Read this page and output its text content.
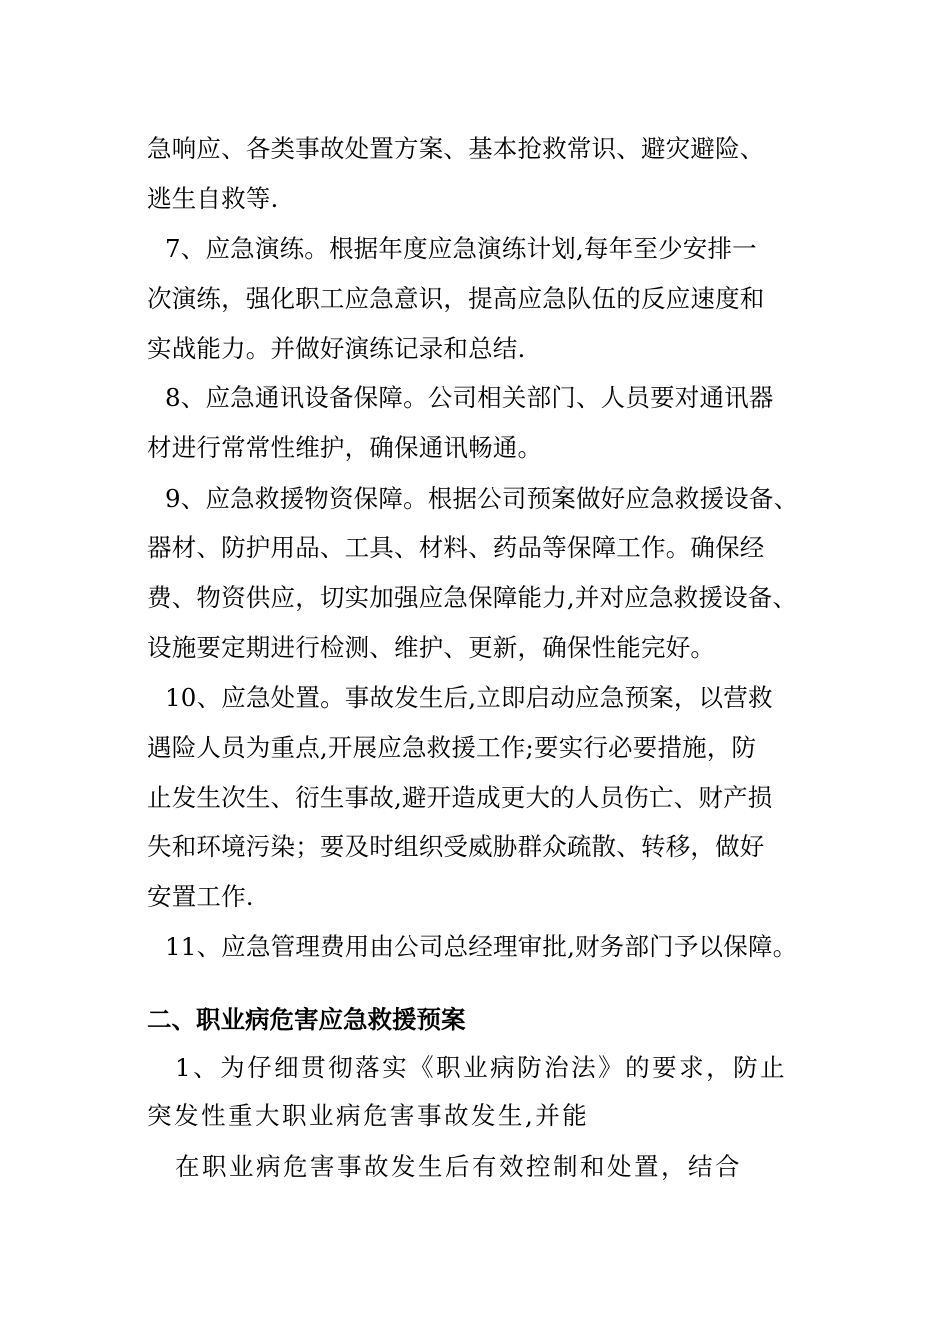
急响应、各类事故处置方案、基本抢救常识、避灾避险、
逃生自救等.
7、应急演练。根据年度应急演练计划,每年至少安排一
次演练，强化职工应急意识，提高应急队伍的反应速度和
实战能力。并做好演练记录和总结.
8、应急通讯设备保障。公司相关部门、人员要对通讯器
材进行常常性维护，确保通讯畅通。
9、应急救援物资保障。根据公司预案做好应急救援设备、
器材、防护用品、工具、材料、药品等保障工作。确保经
费、物资供应，切实加强应急保障能力,并对应急救援设备、
设施要定期进行检测、维护、更新，确保性能完好。
10、应急处置。事故发生后,立即启动应急预案，以营救
遇险人员为重点,开展应急救援工作;要实行必要措施，防
止发生次生、衍生事故,避开造成更大的人员伤亡、财产损
失和环境污染；要及时组织受威胁群众疏散、转移，做好
安置工作.
11、应急管理费用由公司总经理审批,财务部门予以保障。
二、职业病危害应急救援预案
1、为仔细贯彻落实《职业病防治法》的要求，防止
突发性重大职业病危害事故发生,并能
在职业病危害事故发生后有效控制和处置，结合
